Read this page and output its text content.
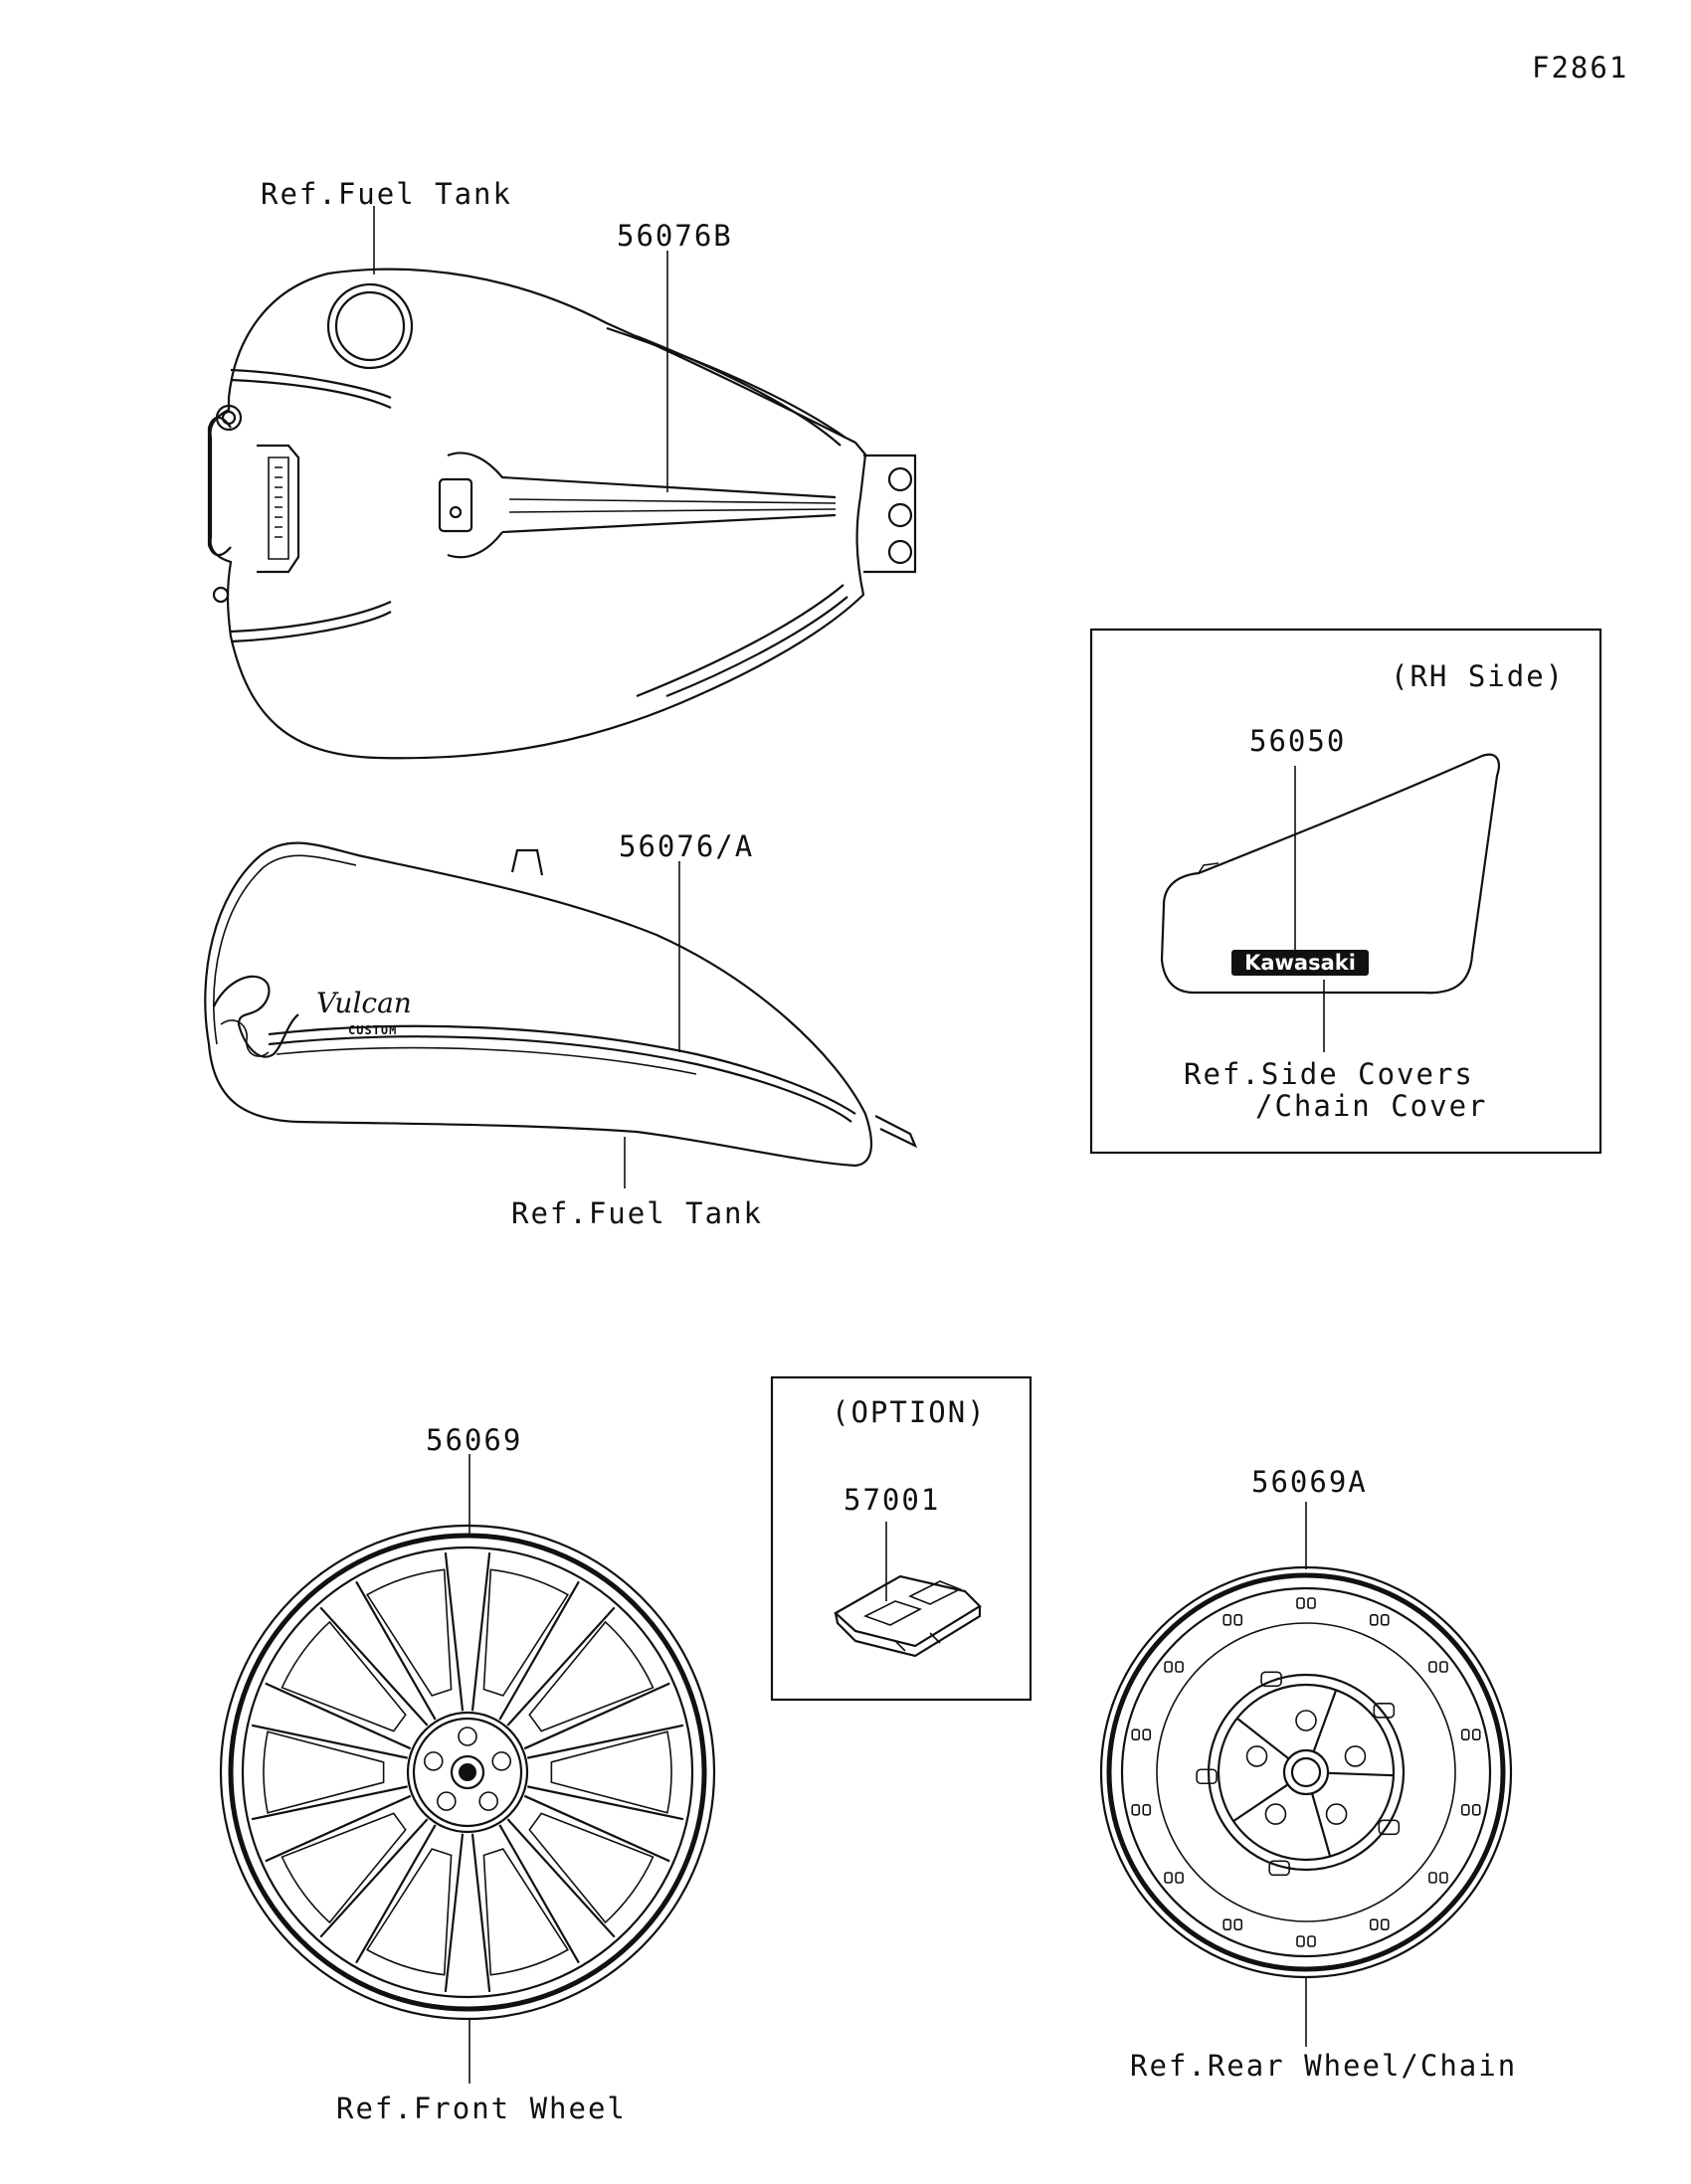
F2861
Ref.Fuel Tank
56076B
Vulcan
CUSTOM
56076/A
Ref.Fuel Tank
(RH Side)
Kawasaki
56050
Ref.Side Covers
/Chain Cover
(OPTION)
57001
56069
Ref.Front Wheel
56069A
Ref.Rear Wheel/Chain
